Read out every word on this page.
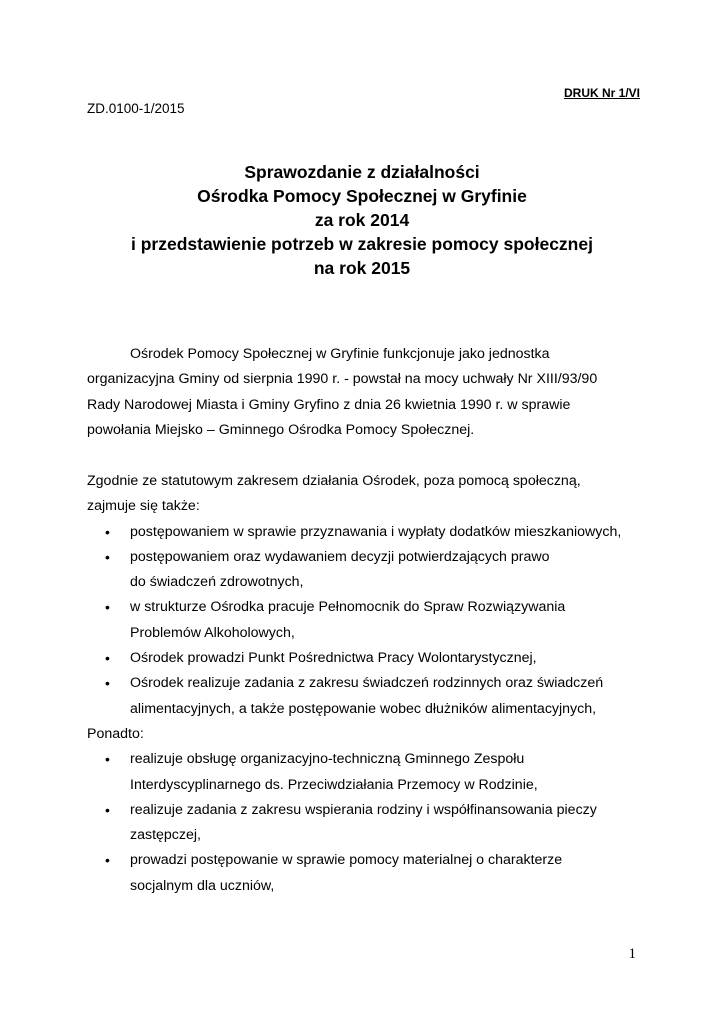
DRUK Nr 1/VI
ZD.0100-1/2015
Sprawozdanie z działalności
Ośrodka Pomocy Społecznej w Gryfinie
za rok 2014
i przedstawienie potrzeb w zakresie pomocy społecznej
na rok 2015
Ośrodek Pomocy Społecznej w Gryfinie funkcjonuje jako jednostka
organizacyjna Gminy od sierpnia 1990 r. - powstał na mocy uchwały Nr XIII/93/90
Rady Narodowej Miasta i Gminy Gryfino z dnia 26 kwietnia 1990 r. w sprawie
powołania Miejsko – Gminnego Ośrodka Pomocy Społecznej.
Zgodnie ze statutowym zakresem działania Ośrodek, poza pomocą społeczną,
zajmuje się także:
• postępowaniem w sprawie przyznawania i wypłaty dodatków mieszkaniowych,
• postępowaniem oraz wydawaniem decyzji potwierdzających prawo
do świadczeń zdrowotnych,
• w strukturze Ośrodka pracuje Pełnomocnik do Spraw Rozwiązywania
Problemów Alkoholowych,
• Ośrodek prowadzi Punkt Pośrednictwa Pracy Wolontarystycznej,
• Ośrodek realizuje zadania z zakresu świadczeń rodzinnych oraz świadczeń
alimentacyjnych, a także postępowanie wobec dłużników alimentacyjnych,
Ponadto:
• realizuje obsługę organizacyjno-techniczną Gminnego Zespołu
Interdyscyplinarnego ds. Przeciwdziałania Przemocy w Rodzinie,
• realizuje zadania z zakresu wspierania rodziny i współfinansowania pieczy
zastępczej,
• prowadzi postępowanie w sprawie pomocy materialnej o charakterze
socjalnym dla uczniów,
1
